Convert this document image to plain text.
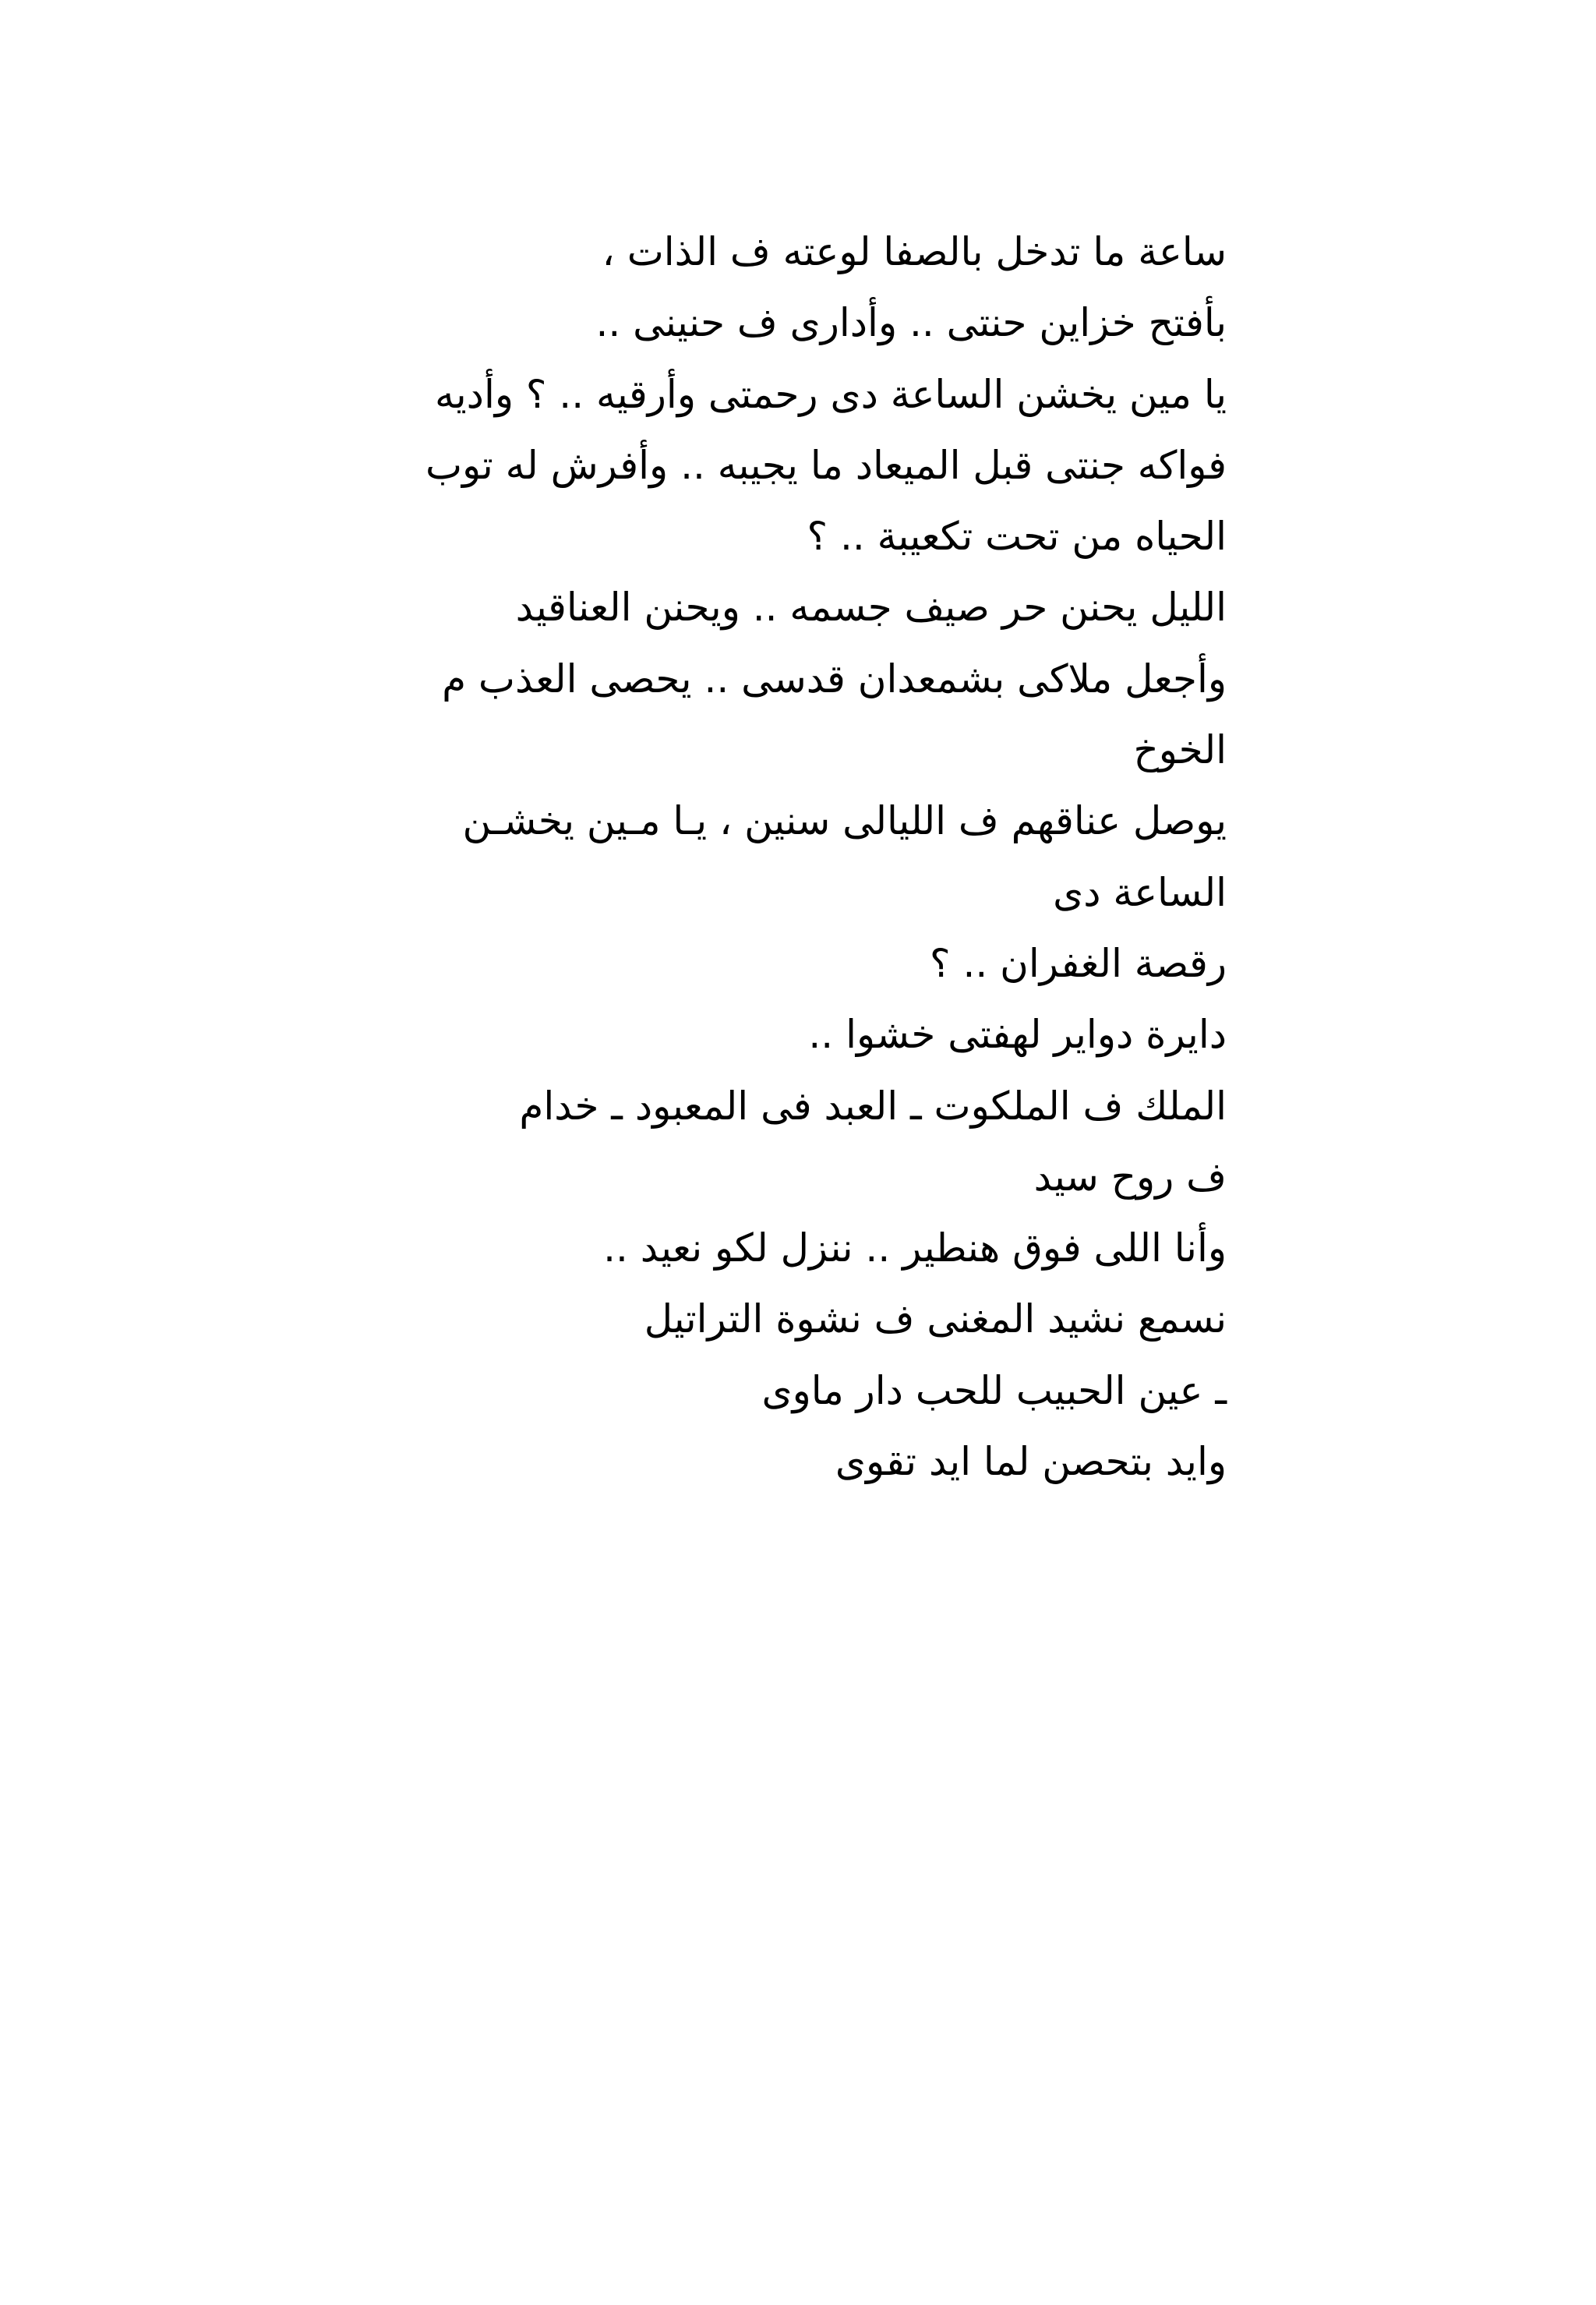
ساعة ما تدخل بالصفا لوعته ف الذات ،
بأفتح خزاين حنتى .. وأدارى ف حنينى ..
يا مين يخشن الساعة دى رحمتى وأرقيه .. ؟ وأديه
فواكه جنتى قبل الميعاد ما يجيبه .. وأفرش له توب
الحياه من تحت تكعيبة .. ؟
الليل يحنن حر صيف جسمه .. ويحنن العناقيد
وأجعل ملاكى بشمعدان قدسى .. يحصى العذب م
الخوخ
يوصل عناقهم ف الليالى سنين ، يـا مـين يخشـن
الساعة دى
رقصة الغفران .. ؟
دايرة دواير لهفتى خشوا ..
الملك ف الملكوت ـ العبد فى المعبود ـ خدام
ف روح سيد
وأنا اللى فوق هنطير .. ننزل لكو نعيد ..
نسمع نشيد المغنى ف نشوة التراتيل
ـ عين الحبيب للحب دار ماوى
وايد بتحصن لما ايد تقوى
